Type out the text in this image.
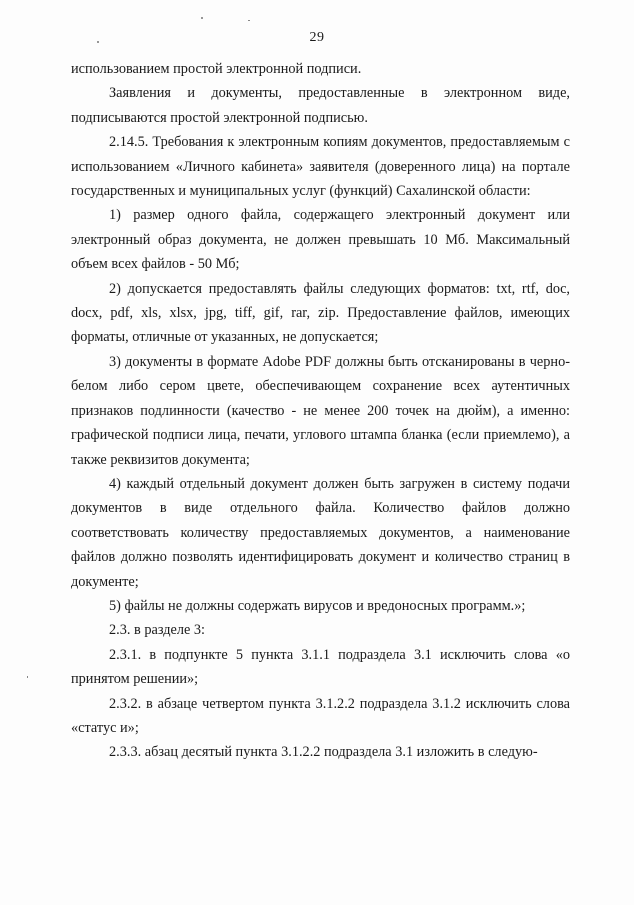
29

использованием простой электронной подписи.

Заявления и документы, предоставленные в электронном виде, подписываются простой электронной подписью.

2.14.5. Требования к электронным копиям документов, предоставляемым с использованием «Личного кабинета» заявителя (доверенного лица) на портале государственных и муниципальных услуг (функций) Сахалинской области:

1) размер одного файла, содержащего электронный документ или электронный образ документа, не должен превышать 10 Мб. Максимальный объем всех файлов - 50 Мб;

2) допускается предоставлять файлы следующих форматов: txt, rtf, doc, docx, pdf, xls, xlsx, jpg, tiff, gif, rar, zip. Предоставление файлов, имеющих форматы, отличные от указанных, не допускается;

3) документы в формате Adobe PDF должны быть отсканированы в черно-белом либо сером цвете, обеспечивающем сохранение всех аутентичных признаков подлинности (качество - не менее 200 точек на дюйм), а именно: графической подписи лица, печати, углового штампа бланка (если приемлемо), а также реквизитов документа;

4) каждый отдельный документ должен быть загружен в систему подачи документов в виде отдельного файла. Количество файлов должно соответствовать количеству предоставляемых документов, а наименование файлов должно позволять идентифицировать документ и количество страниц в документе;

5) файлы не должны содержать вирусов и вредоносных программ.»;

2.3. в разделе 3:

2.3.1. в подпункте 5 пункта 3.1.1 подраздела 3.1 исключить слова «о принятом решении»;

2.3.2. в абзаце четвертом пункта 3.1.2.2 подраздела 3.1.2 исключить слова «статус и»;

2.3.3. абзац десятый пункта 3.1.2.2 подраздела 3.1 изложить в следую-
